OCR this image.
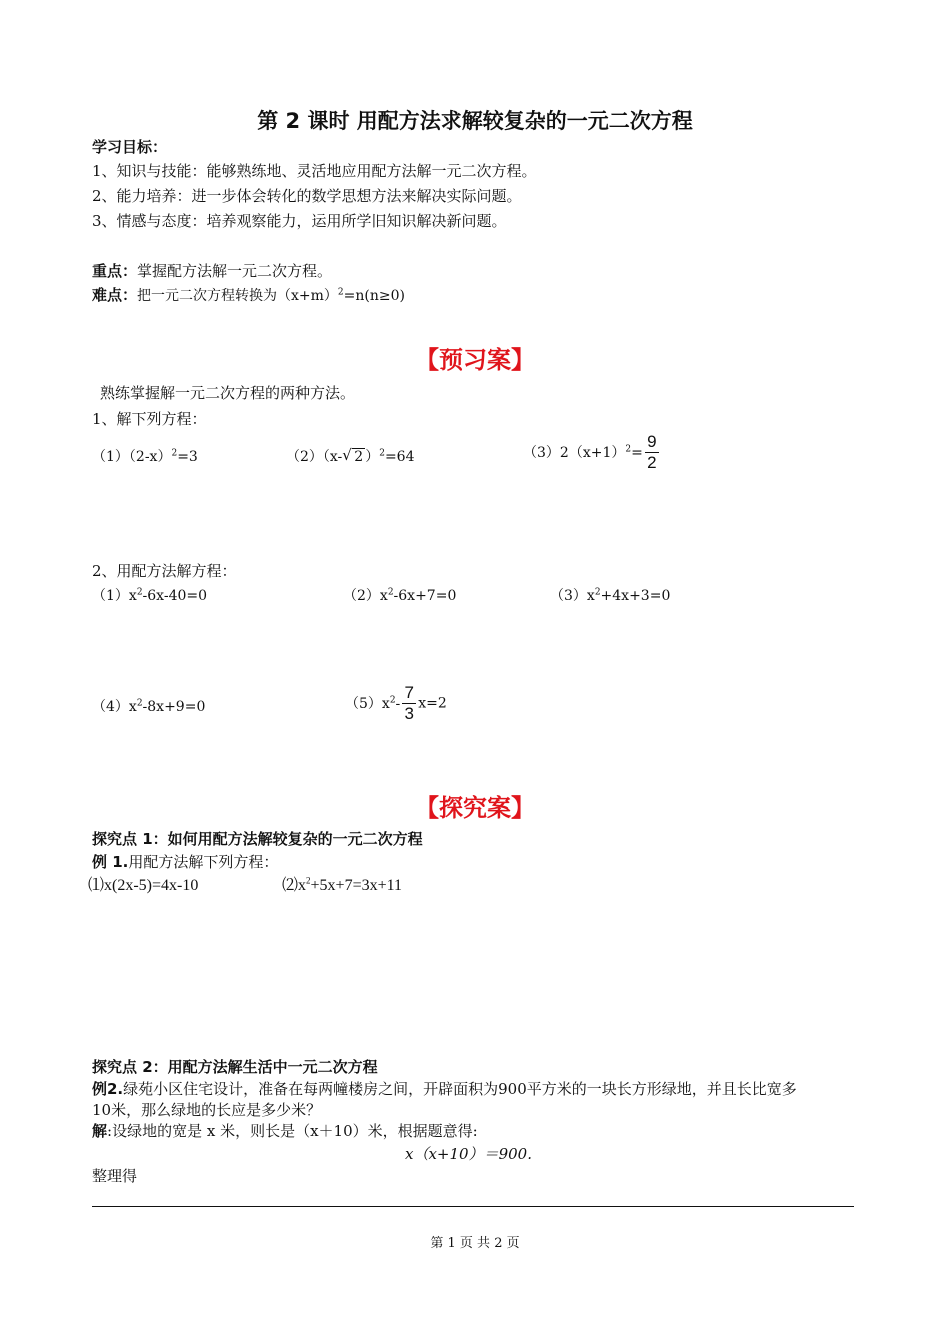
第 2 课时 用配方法求解较复杂的一元二次方程
学习目标：
1、知识与技能：能够熟练地、灵活地应用配方法解一元二次方程。
2、能力培养：进一步体会转化的数学思想方法来解决实际问题。
3、情感与态度：培养观察能力，运用所学旧知识解决新问题。
重点：掌握配方法解一元二次方程。
难点：把一元二次方程转换为$(x+m)^2=n(n\ge 0)$
【预习案】
熟练掌握解一元二次方程的两种方法。
1、解下列方程：
$(1)(2-x)^2=3$	（2）（x- √ 2 ）$^2$=64	$(3)2(x+1)^2= \frac{9}{2}$
2、用配方法解方程：
$(1)x^2-6x-40=0$	$(2)x^2-6x+7=0$	$(3)x^2+4x+3=0$
$(4)x^2-8x+9=0$	$(5)x^2- \frac{7}{3} x=2$
【探究案】
探究点 1：如何用配方法解较复杂的一元二次方程
例 1.用配方法解下列方程：
⑴x(2x-5)=4x-10	$⑵x^2+5x+7=3x+11$
探究点 2：用配方法解生活中一元二次方程
例2.绿苑小区住宅设计，准备在每两幢楼房之间，开辟面积为900平方米的一块长方形绿地，并且长比宽多
10米，那么绿地的长应是多少米？
解:设绿地的宽是 x 米，则长是（x＋10）米，根据题意得:
x（x+10）＝900.
整理得
第 1 页 共 2 页
